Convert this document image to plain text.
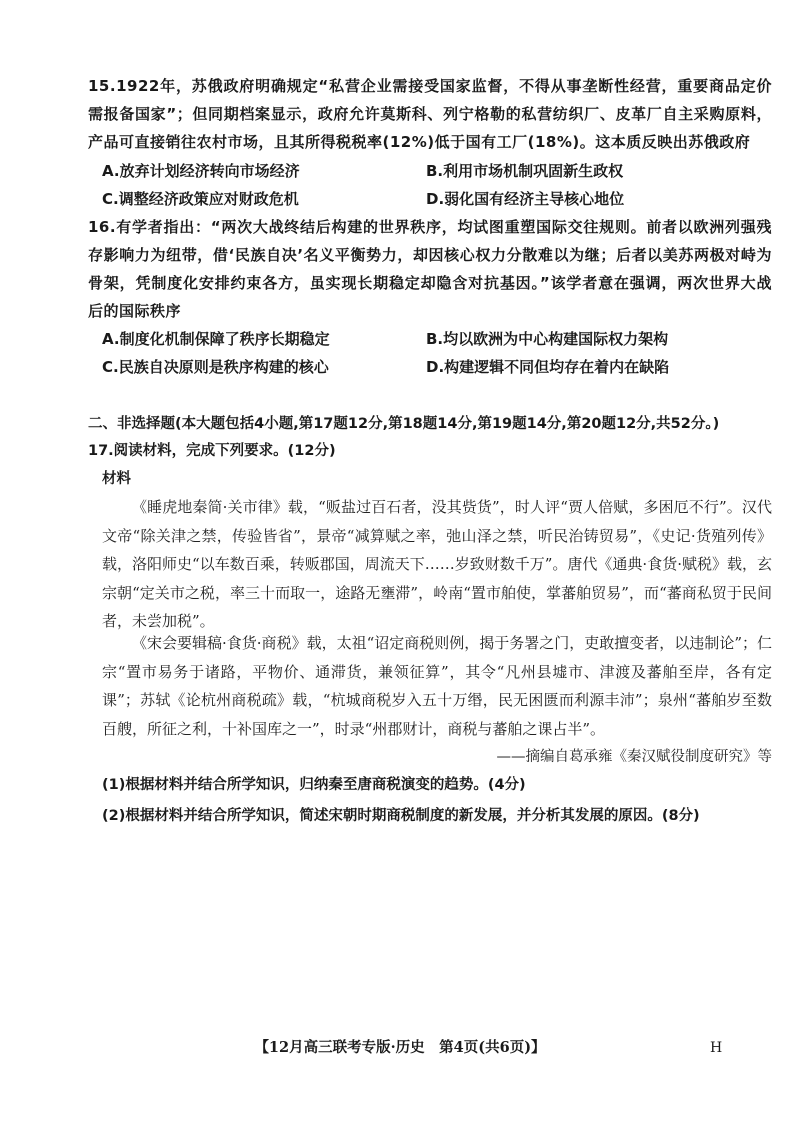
15.1922年，苏俄政府明确规定“私营企业需接受国家监督，不得从事垄断性经营，重要商品定价需报备国家”；但同期档案显示，政府允许莫斯科、列宁格勒的私营纺织厂、皮革厂自主采购原料，产品可直接销往农村市场，且其所得税税率(12%)低于国有工厂(18%)。这本质反映出苏俄政府
A.放弃计划经济转向市场经济	B.利用市场机制巩固新生政权
C.调整经济政策应对财政危机	D.弱化国有经济主导核心地位
16.有学者指出：“两次大战终结后构建的世界秩序，均试图重塑国际交往规则。前者以欧洲列强残存影响力为纽带，借‘民族自决’名义平衡势力，却因核心权力分散难以为继；后者以美苏两极对峙为骨架，凭制度化安排约束各方，虽实现长期稳定却隐含对抗基因。”该学者意在强调，两次世界大战后的国际秩序
A.制度化机制保障了秩序长期稳定	B.均以欧洲为中心构建国际权力架构
C.民族自决原则是秩序构建的核心	D.构建逻辑不同但均存在着内在缺陷
二、非选择题(本大题包括4小题,第17题12分,第18题14分,第19题14分,第20题12分,共52分。)
17.阅读材料，完成下列要求。(12分)
材料
《睡虎地秦简·关市律》载，“贩盐过百石者，没其赀货”，时人评“贾人倍赋，多困厄不行”。汉代文帝“除关津之禁，传验皆省”，景帝“减算赋之率，弛山泽之禁，听民治铸贸易”，《史记·货殖列传》载，洛阳师史“以车数百乘，转贩郡国，周流天下……岁致财数千万”。唐代《通典·食货·赋税》载，玄宗朝“定关市之税，率三十而取一，途路无壅滞”，岭南“置市舶使，掌蕃舶贸易”，而“蕃商私贸于民间者，未尝加税”。
《宋会要辑稿·食货·商税》载，太祖“诏定商税则例，揭于务署之门，吏敢擅变者，以违制论”；仁宗“置市易务于诸路，平物价、通滞货，兼领征算”，其令“凡州县墟市、津渡及蕃舶至岸，各有定课”；苏轼《论杭州商税疏》载，“杭城商税岁入五十万缗，民无困匮而利源丰沛”；泉州“蕃舶岁至数百艘，所征之利，十补国库之一”，时录“州郡财计，商税与蕃舶之课占半”。
——摘编自葛承雍《秦汉赋役制度研究》等
(1)根据材料并结合所学知识，归纳秦至唐商税演变的趋势。(4分)
(2)根据材料并结合所学知识，简述宋朝时期商税制度的新发展，并分析其发展的原因。(8分)
【12月高三联考专版·历史　第4页(共6页)】	H
